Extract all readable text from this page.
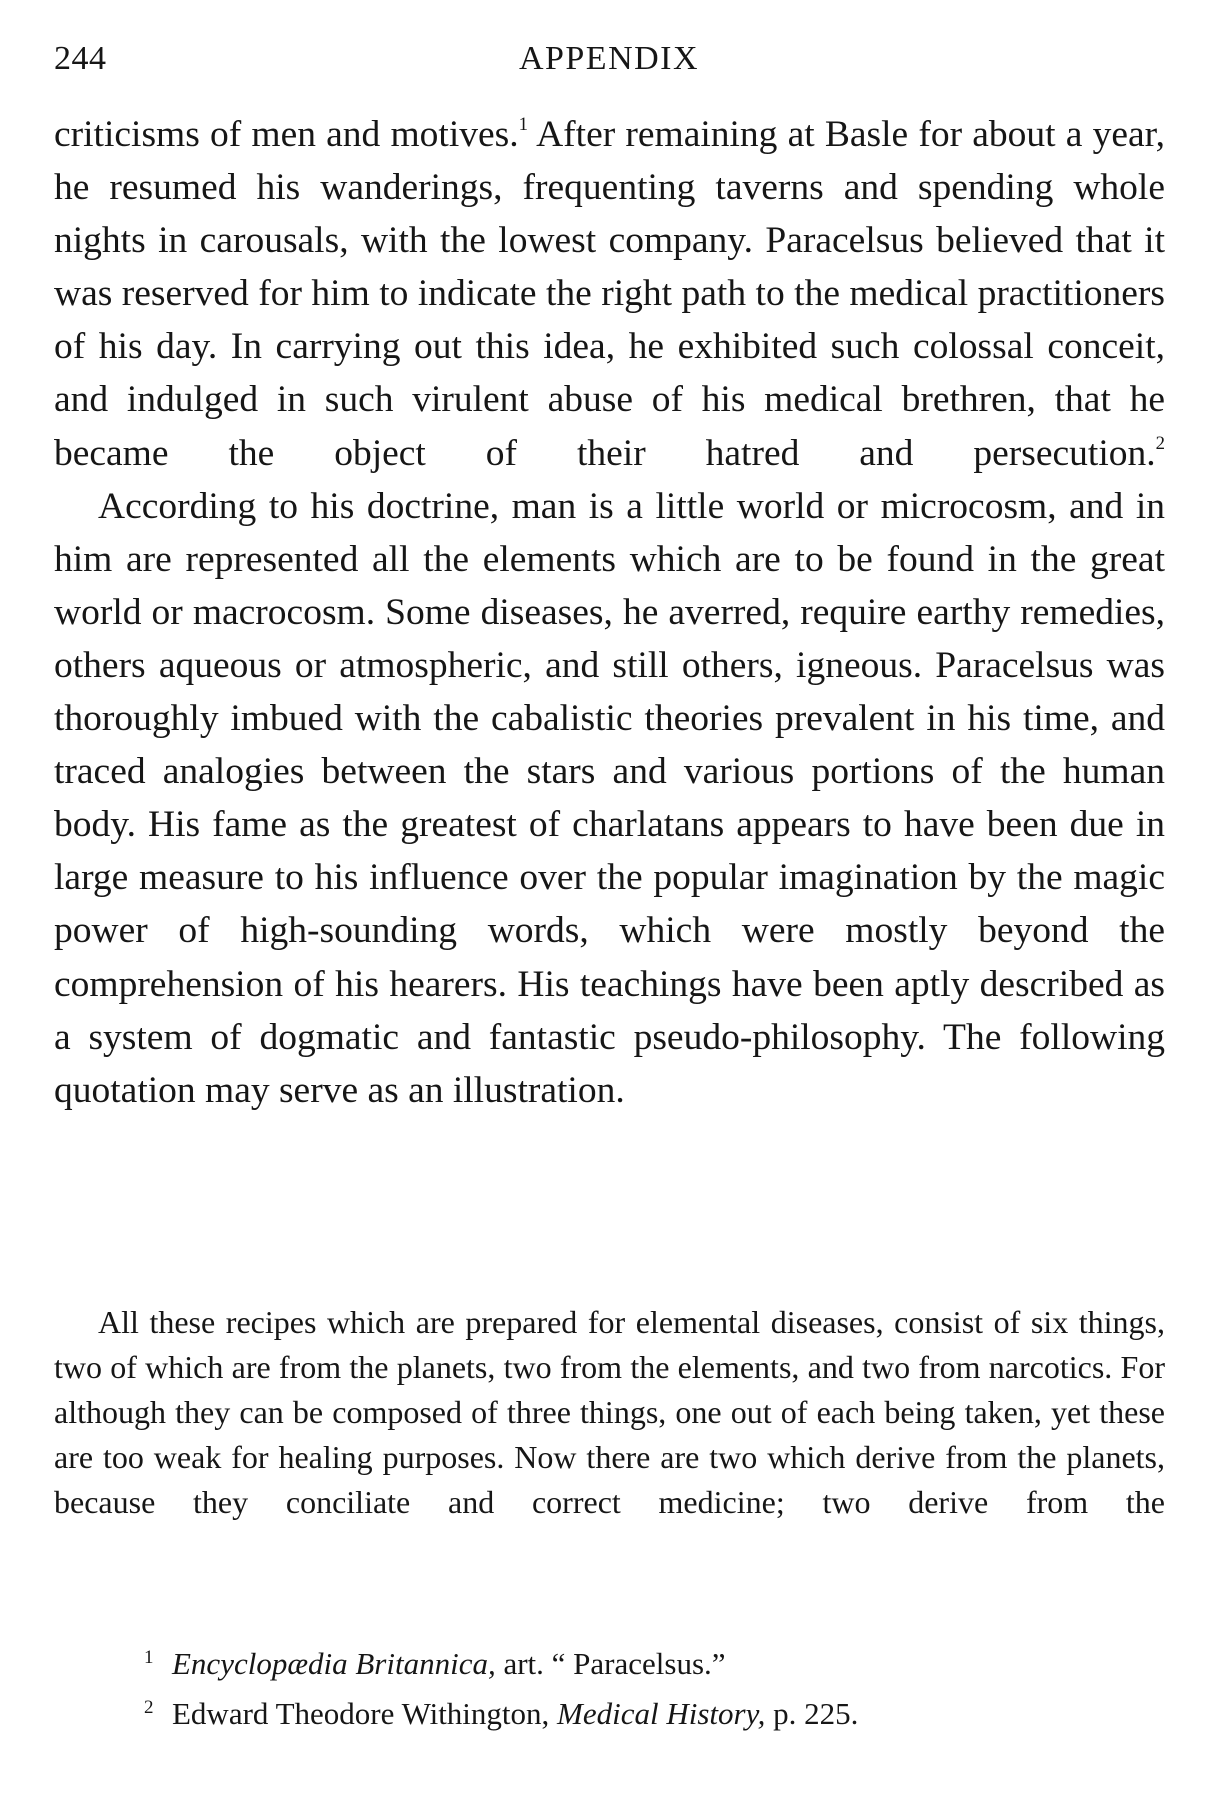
244	APPENDIX

criticisms of men and motives.$^1$ After remaining at Basle for about a year, he resumed his wanderings, frequenting taverns and spending whole nights in carousals, with the lowest company. Paracelsus believed that it was reserved for him to indicate the right path to the medical practitioners of his day. In carrying out this idea, he exhibited such colossal conceit, and indulged in such virulent abuse of his medical brethren, that he became the object of their hatred and persecution.$^2$

According to his doctrine, man is a little world or microcosm, and in him are represented all the elements which are to be found in the great world or macrocosm. Some diseases, he averred, require earthy remedies, others aqueous or atmospheric, and still others, igneous. Paracelsus was thoroughly imbued with the cabalistic theories prevalent in his time, and traced analogies between the stars and various portions of the human body. His fame as the greatest of charlatans appears to have been due in large measure to his influence over the popular imagination by the magic power of high-sounding words, which were mostly beyond the comprehension of his hearers. His teachings have been aptly described as a system of dogmatic and fantastic pseudo-philosophy. The following quotation may serve as an illustration.

All these recipes which are prepared for elemental diseases, consist of six things, two of which are from the planets, two from the elements, and two from narcotics. For although they can be composed of three things, one out of each being taken, yet these are too weak for healing purposes. Now there are two which derive from the planets, because they conciliate and correct medicine; two derive from the

1 Encyclopædia Britannica, art. “ Paracelsus.”
2 Edward Theodore Withington, Medical History, p. 225.
